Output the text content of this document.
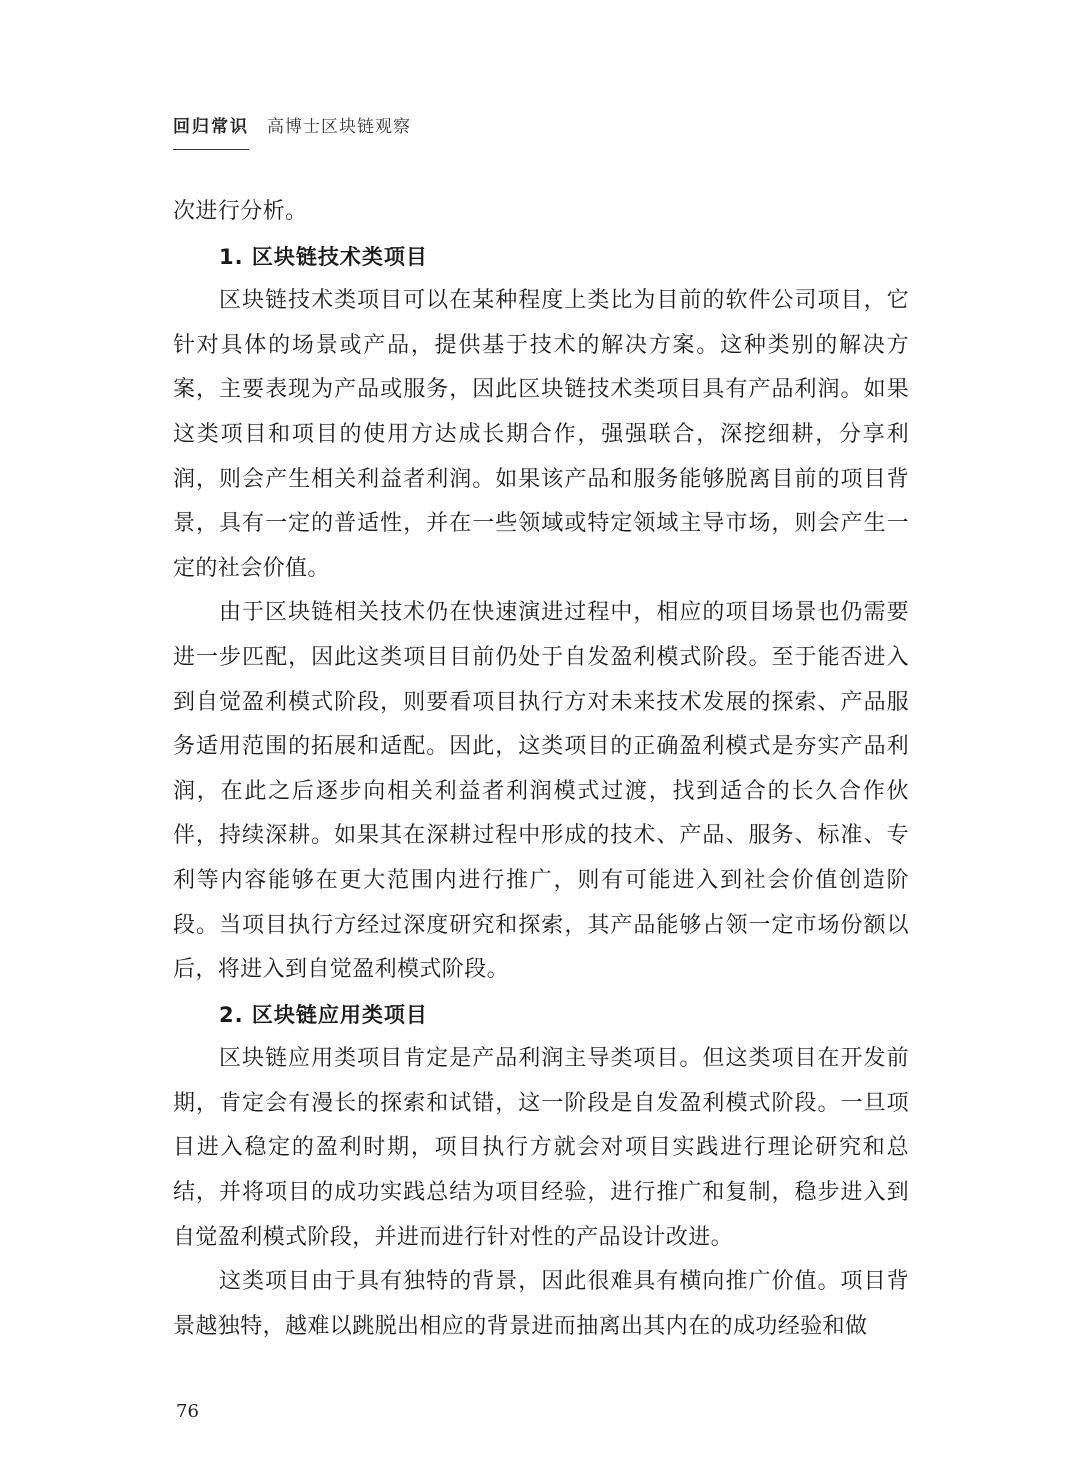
回归常识 高博士区块链观察

次进行分析。

1. 区块链技术类项目

区块链技术类项目可以在某种程度上类比为目前的软件公司项目，它针对具体的场景或产品，提供基于技术的解决方案。这种类别的解决方案，主要表现为产品或服务，因此区块链技术类项目具有产品利润。如果这类项目和项目的使用方达成长期合作，强强联合，深挖细耕，分享利润，则会产生相关利益者利润。如果该产品和服务能够脱离目前的项目背景，具有一定的普适性，并在一些领域或特定领域主导市场，则会产生一定的社会价值。

由于区块链相关技术仍在快速演进过程中，相应的项目场景也仍需要进一步匹配，因此这类项目目前仍处于自发盈利模式阶段。至于能否进入到自觉盈利模式阶段，则要看项目执行方对未来技术发展的探索、产品服务适用范围的拓展和适配。因此，这类项目的正确盈利模式是夯实产品利润，在此之后逐步向相关利益者利润模式过渡，找到适合的长久合作伙伴，持续深耕。如果其在深耕过程中形成的技术、产品、服务、标准、专利等内容能够在更大范围内进行推广，则有可能进入到社会价值创造阶段。当项目执行方经过深度研究和探索，其产品能够占领一定市场份额以后，将进入到自觉盈利模式阶段。

2. 区块链应用类项目

区块链应用类项目肯定是产品利润主导类项目。但这类项目在开发前期，肯定会有漫长的探索和试错，这一阶段是自发盈利模式阶段。一旦项目进入稳定的盈利时期，项目执行方就会对项目实践进行理论研究和总结，并将项目的成功实践总结为项目经验，进行推广和复制，稳步进入到自觉盈利模式阶段，并进而进行针对性的产品设计改进。

这类项目由于具有独特的背景，因此很难具有横向推广价值。项目背景越独特，越难以跳脱出相应的背景进而抽离出其内在的成功经验和做

76
